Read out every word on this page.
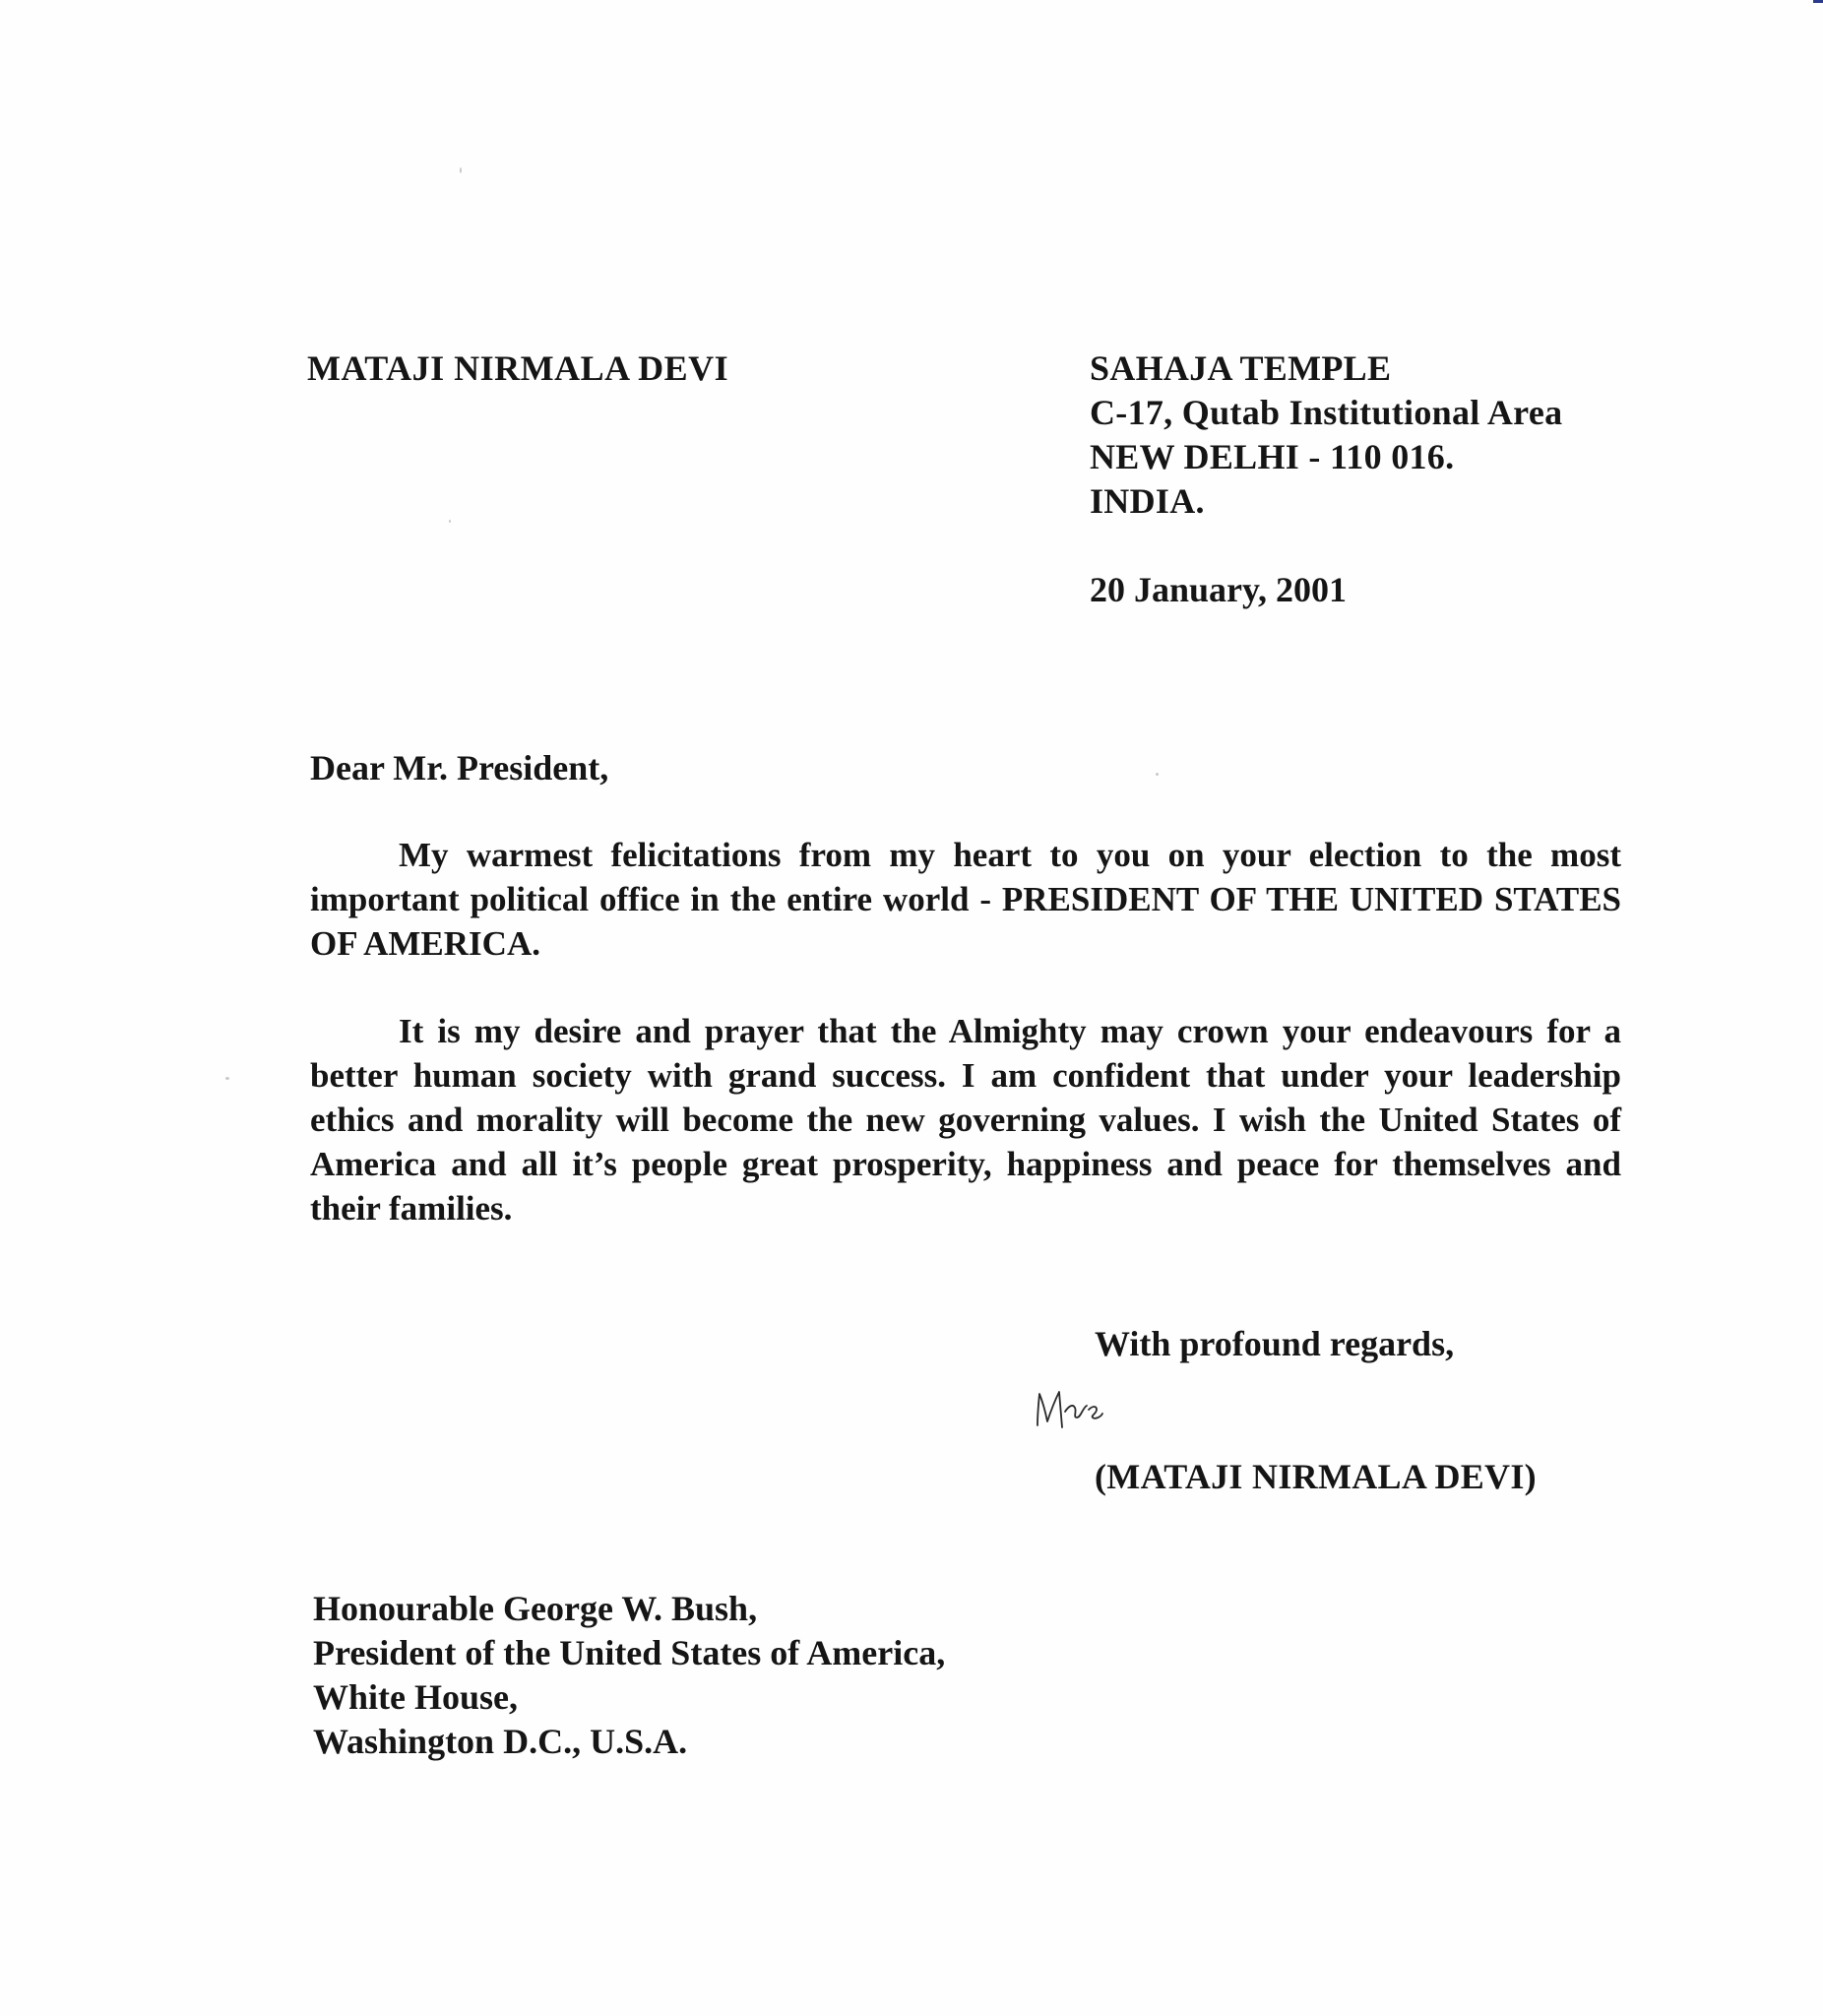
MATAJI NIRMALA DEVI	SAHAJA TEMPLE
C-17, Qutab Institutional Area
NEW DELHI - 110 016.
INDIA.

20 January, 2001

Dear Mr. President,

My warmest felicitations from my heart to you on your election to the most important political office in the entire world - PRESIDENT OF THE UNITED STATES OF AMERICA.

It is my desire and prayer that the Almighty may crown your endeavours for a better human society with grand success. I am confident that under your leadership ethics and morality will become the new governing values. I wish the United States of America and all it’s people great prosperity, happiness and peace for themselves and their families.

With profound regards,

(MATAJI NIRMALA DEVI)

Honourable George W. Bush,
President of the United States of America,
White House,
Washington D.C., U.S.A.
